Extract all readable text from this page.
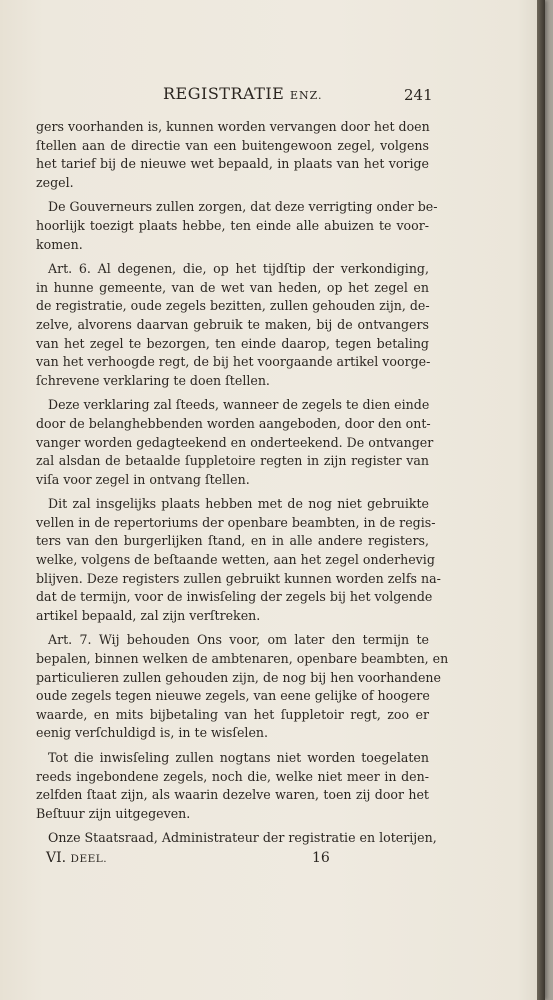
REGISTRATIE ENZ.	241
gers voorhanden is, kunnen worden vervangen door het doen
ſtellen aan de directie van een buitengewoon zegel, volgens
het tarief bij de nieuwe wet bepaald, in plaats van het vorige
zegel.
De Gouverneurs zullen zorgen, dat deze verrigting onder be-
hoorlijk toezigt plaats hebbe, ten einde alle abuizen te voor-
komen.
Art. 6. Al degenen, die, op het tijdſtip der verkondiging,
in hunne gemeente, van de wet van heden, op het zegel en
de registratie, oude zegels bezitten, zullen gehouden zijn, de-
zelve, alvorens daarvan gebruik te maken, bij de ontvangers
van het zegel te bezorgen, ten einde daarop, tegen betaling
van het verhoogde regt, de bij het voorgaande artikel voorge-
ſchrevene verklaring te doen ſtellen.
Deze verklaring zal ſteeds, wanneer de zegels te dien einde
door de belanghebbenden worden aangeboden, door den ont-
vanger worden gedagteekend en onderteekend. De ontvanger
zal alsdan de betaalde ſuppletoire regten in zijn register van
viſa voor zegel in ontvang ſtellen.
Dit zal insgelijks plaats hebben met de nog niet gebruikte
vellen in de repertoriums der openbare beambten, in de regis-
ters van den burgerlijken ſtand, en in alle andere registers,
welke, volgens de beſtaande wetten, aan het zegel onderhevig
blijven. Deze registers zullen gebruikt kunnen worden zelfs na-
dat de termijn, voor de inwisſeling der zegels bij het volgende
artikel bepaald, zal zijn verſtreken.
Art. 7. Wij behouden Ons voor, om later den termijn te
bepalen, binnen welken de ambtenaren, openbare beambten, en
particulieren zullen gehouden zijn, de nog bij hen voorhandene
oude zegels tegen nieuwe zegels, van eene gelijke of hoogere
waarde, en mits bijbetaling van het ſuppletoir regt, zoo er
eenig verſchuldigd is, in te wisſelen.
Tot die inwisſeling zullen nogtans niet worden toegelaten
reeds ingebondene zegels, noch die, welke niet meer in den-
zelfden ſtaat zijn, als waarin dezelve waren, toen zij door het
Beſtuur zijn uitgegeven.
Onze Staatsraad, Administrateur der registratie en loterijen,
VI. DEEL.	16
